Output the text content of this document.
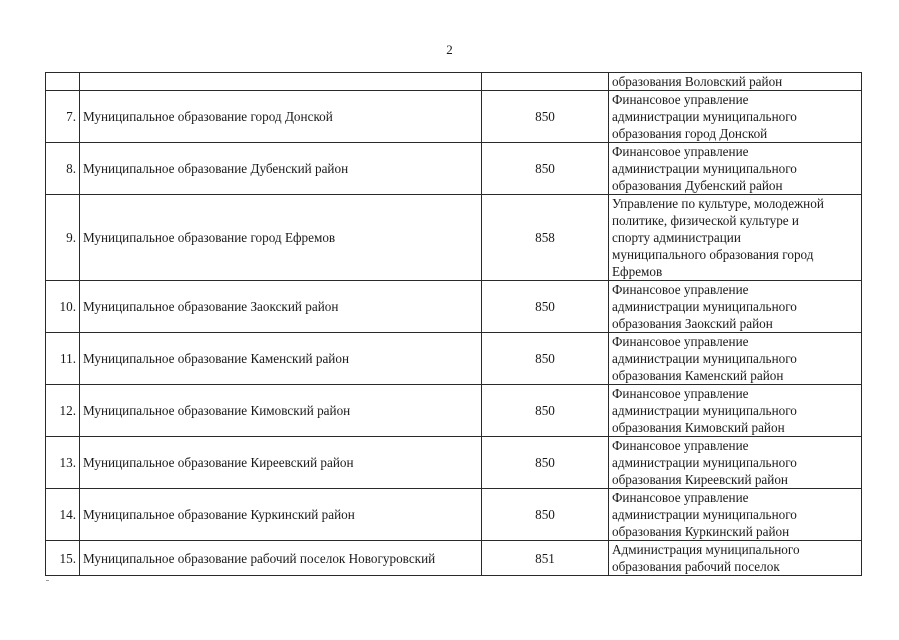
2

			образования Воловский район

7.	Муниципальное образование город Донской	850	Финансовое управление
администрации муниципального
образования город Донской

8.	Муниципальное образование Дубенский район	850	Финансовое управление
администрации муниципального
образования Дубенский район

9.	Муниципальное образование город Ефремов	858	Управление по культуре, молодежной
политике, физической культуре и
спорту администрации
муниципального образования город
Ефремов

10.	Муниципальное образование Заокский район	850	Финансовое управление
администрации муниципального
образования Заокский район

11.	Муниципальное образование Каменский район	850	Финансовое управление
администрации муниципального
образования Каменский район

12.	Муниципальное образование Кимовский район	850	Финансовое управление
администрации муниципального
образования Кимовский район

13.	Муниципальное образование Киреевский район	850	Финансовое управление
администрации муниципального
образования Киреевский район

14.	Муниципальное образование Куркинский район	850	Финансовое управление
администрации муниципального
образования Куркинский район

15.	Муниципальное образование рабочий поселок Новогуровский	851	Администрация муниципального
образования рабочий поселок
